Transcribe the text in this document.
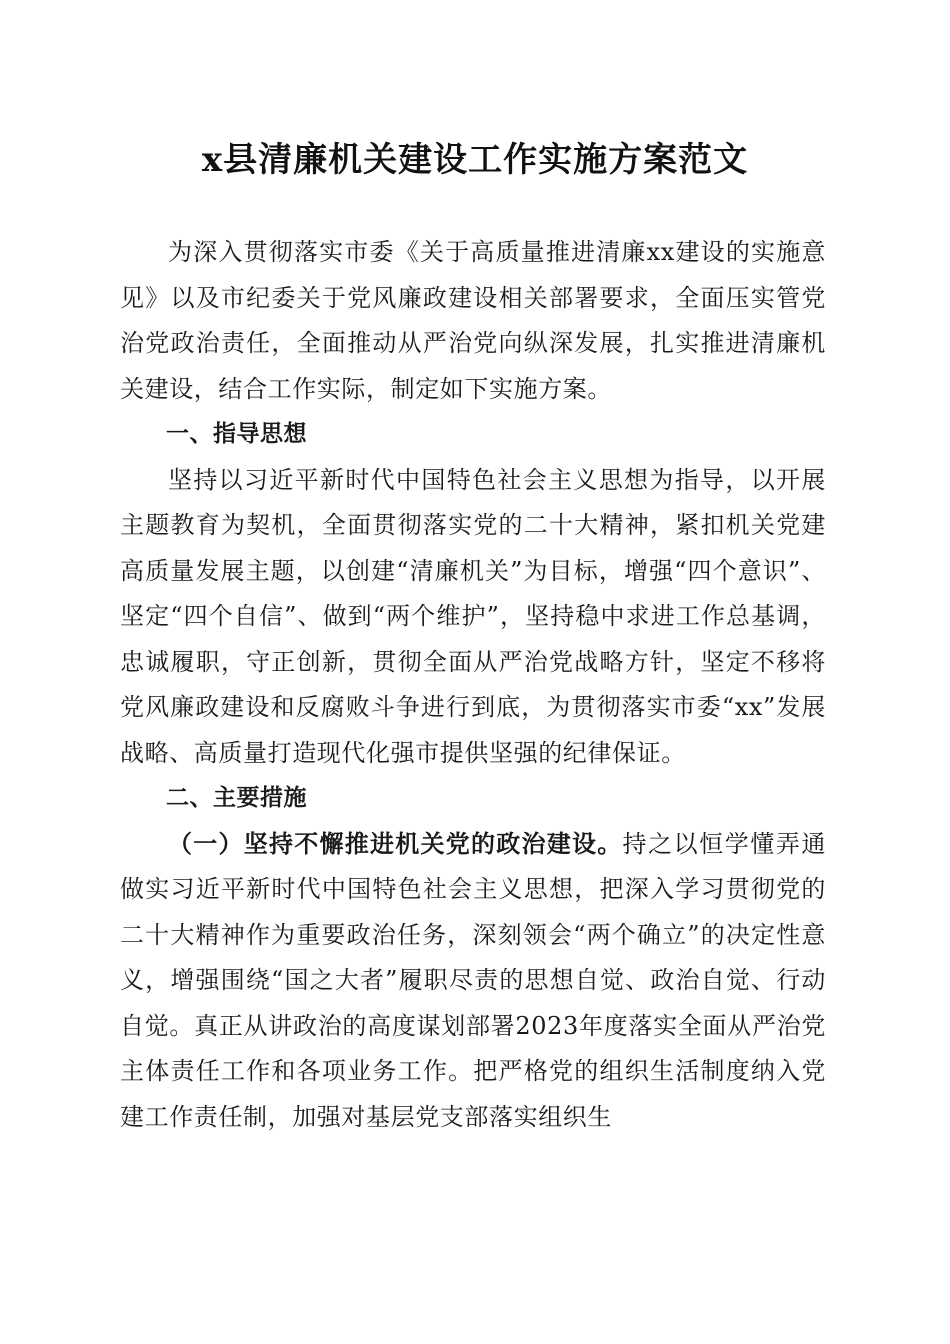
x县清廉机关建设工作实施方案范文

为深入贯彻落实市委《关于高质量推进清廉xx建设的实施意见》以及市纪委关于党风廉政建设相关部署要求，全面压实管党治党政治责任，全面推动从严治党向纵深发展，扎实推进清廉机关建设，结合工作实际，制定如下实施方案。

一、指导思想

坚持以习近平新时代中国特色社会主义思想为指导，以开展主题教育为契机，全面贯彻落实党的二十大精神，紧扣机关党建高质量发展主题，以创建“清廉机关”为目标，增强“四个意识”、坚定“四个自信”、做到“两个维护”，坚持稳中求进工作总基调，忠诚履职，守正创新，贯彻全面从严治党战略方针，坚定不移将党风廉政建设和反腐败斗争进行到底，为贯彻落实市委“xx”发展战略、高质量打造现代化强市提供坚强的纪律保证。

二、主要措施

（一）坚持不懈推进机关党的政治建设。持之以恒学懂弄通做实习近平新时代中国特色社会主义思想，把深入学习贯彻党的二十大精神作为重要政治任务，深刻领会“两个确立”的决定性意义，增强围绕“国之大者”履职尽责的思想自觉、政治自觉、行动自觉。真正从讲政治的高度谋划部署2023年度落实全面从严治党主体责任工作和各项业务工作。把严格党的组织生活制度纳入党建工作责任制，加强对基层党支部落实组织生
